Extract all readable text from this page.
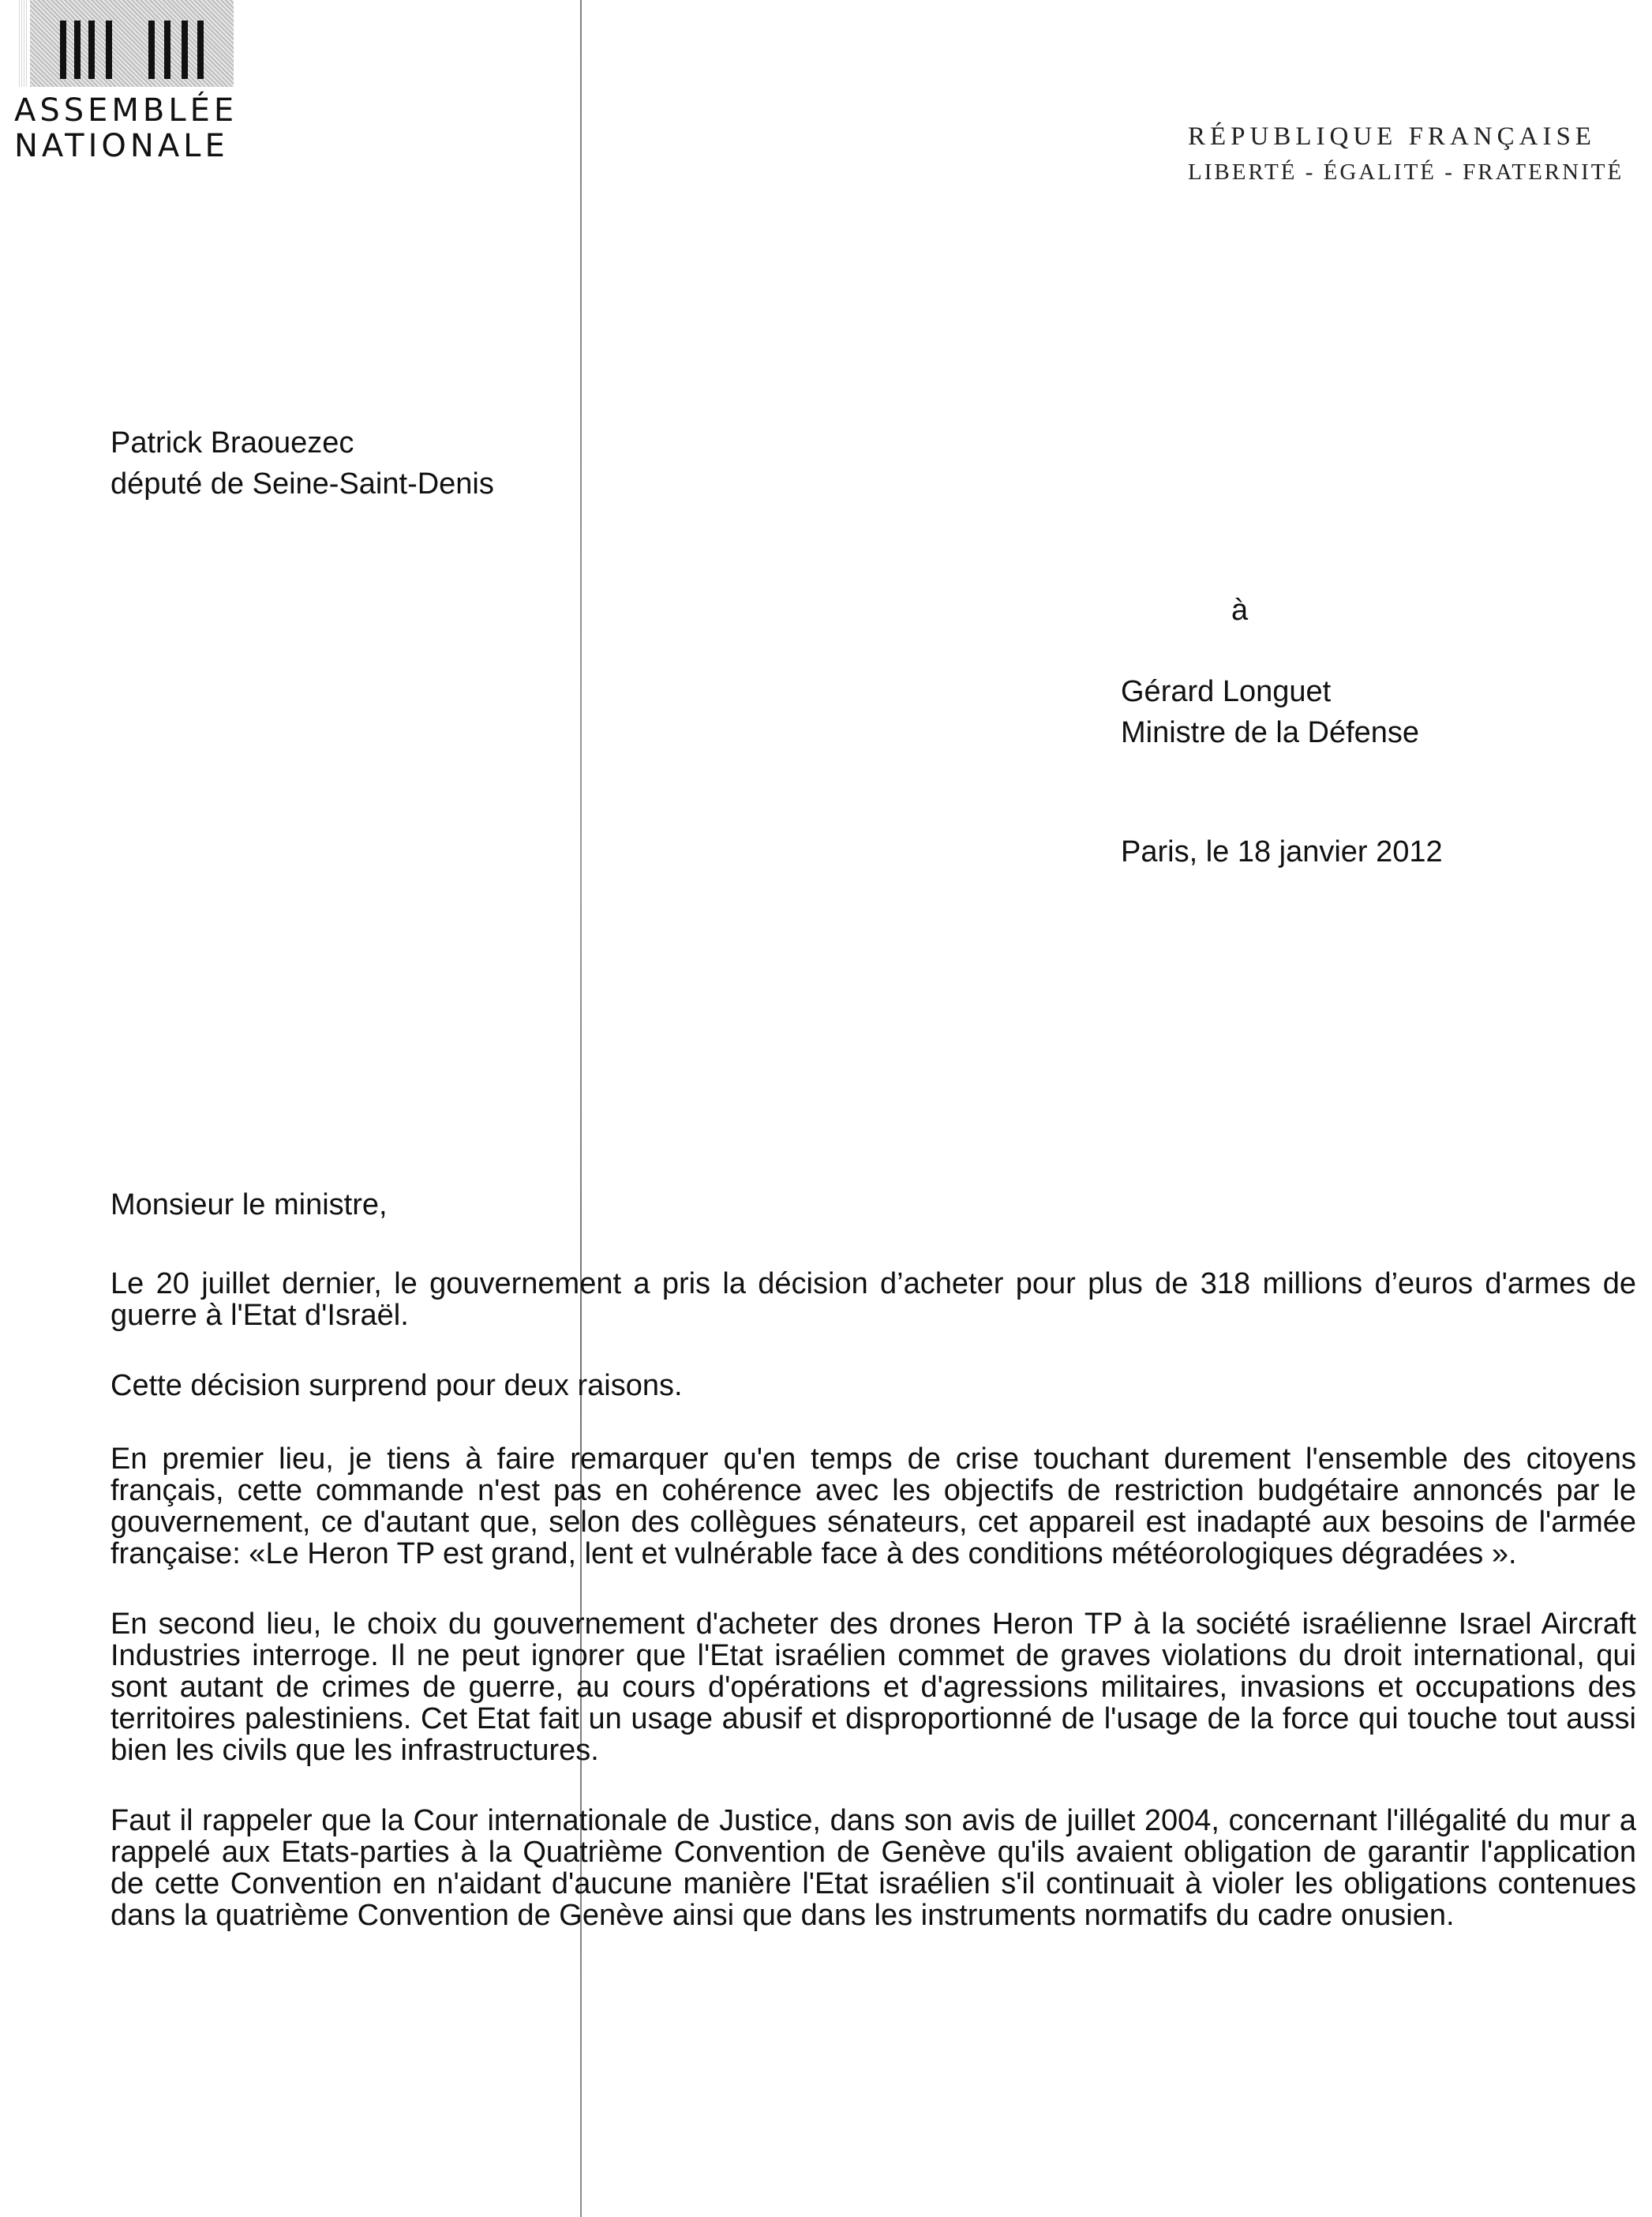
ASSEMBLÉE
NATIONALE	RÉPUBLIQUE FRANÇAISE
LIBERTÉ - ÉGALITÉ - FRATERNITÉ
Patrick Braouezec
député de Seine-Saint-Denis
à
Gérard Longuet
Ministre de la Défense
Paris, le 18 janvier 2012
Monsieur le ministre,

Le 20 juillet dernier, le gouvernement a pris la décision d’acheter pour plus de 318 millions d’euros d'armes de guerre à l'Etat d'Israël.

Cette décision surprend pour deux raisons.

En premier lieu, je tiens à faire remarquer qu'en temps de crise touchant durement l'ensemble des citoyens français, cette commande n'est pas en cohérence avec les objectifs de restriction budgétaire annoncés par le gouvernement, ce d'autant que, selon des collègues sénateurs, cet appareil est inadapté aux besoins de l'armée française: «Le Heron TP est grand, lent et vulnérable face à des conditions météorologiques dégradées ».

En second lieu, le choix du gouvernement d'acheter des drones Heron TP à la société israélienne Israel Aircraft Industries interroge. Il ne peut ignorer que l'Etat israélien commet de graves violations du droit international, qui sont autant de crimes de guerre, au cours d'opérations et d'agressions militaires, invasions et occupations des territoires palestiniens. Cet Etat fait un usage abusif et disproportionné de l'usage de la force qui touche tout aussi bien les civils que les infrastructures.

Faut il rappeler que la Cour internationale de Justice, dans son avis de juillet 2004, concernant l'illégalité du mur a rappelé aux Etats-parties à la Quatrième Convention de Genève qu'ils avaient obligation de garantir l'application de cette Convention en n'aidant d'aucune manière l'Etat israélien s'il continuait à violer les obligations contenues dans la quatrième Convention de Genève ainsi que dans les instruments normatifs du cadre onusien.
